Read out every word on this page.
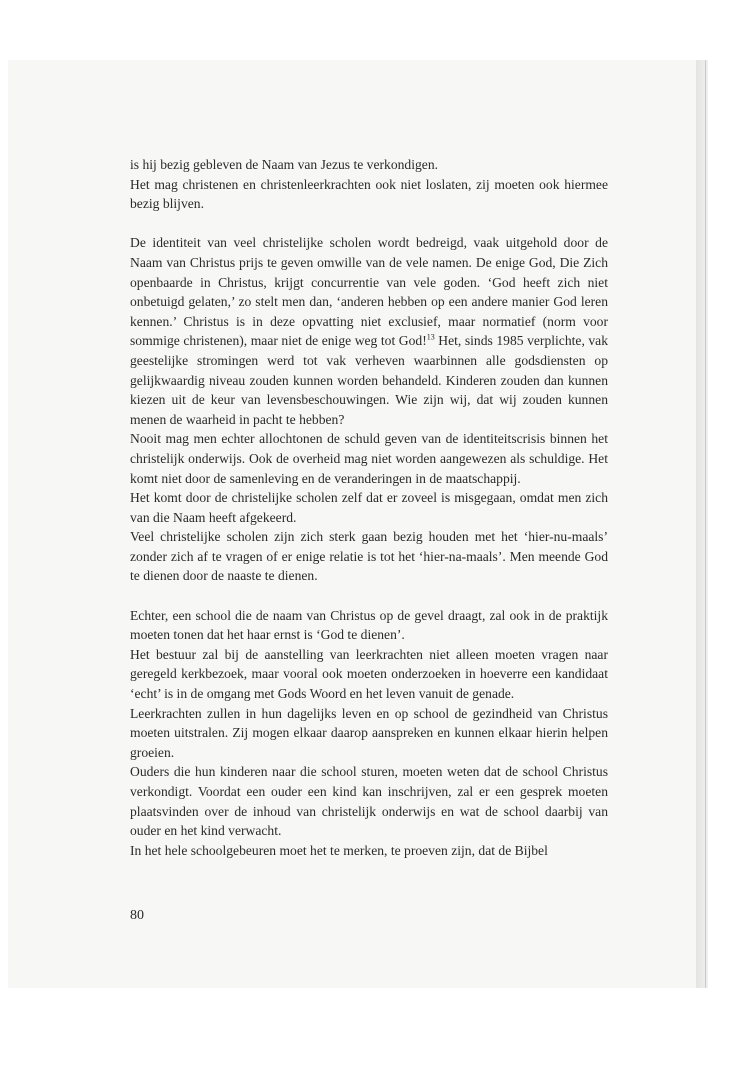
is hij bezig gebleven de Naam van Jezus te verkondigen.

Het mag christenen en christenleerkrachten ook niet loslaten, zij moeten ook hiermee bezig blijven.

De identiteit van veel christelijke scholen wordt bedreigd, vaak uitgehold door de Naam van Christus prijs te geven omwille van de vele namen. De enige God, Die Zich openbaarde in Christus, krijgt concurrentie van vele goden. ‘God heeft zich niet onbetuigd gelaten,’ zo stelt men dan, ‘anderen hebben op een andere manier God leren kennen.’ Christus is in deze opvatting niet exclusief, maar normatief (norm voor sommige christenen), maar niet de enige weg tot God!$^{13}$ Het, sinds 1985 verplichte, vak geestelijke stromingen werd tot vak verheven waarbinnen alle godsdiensten op gelijkwaardig niveau zouden kunnen worden behandeld. Kinderen zouden dan kunnen kiezen uit de keur van levensbeschouwingen. Wie zijn wij, dat wij zouden kunnen menen de waarheid in pacht te hebben?

Nooit mag men echter allochtonen de schuld geven van de identiteitscrisis binnen het christelijk onderwijs. Ook de overheid mag niet worden aangewezen als schuldige. Het komt niet door de samenleving en de veranderingen in de maatschappij.

Het komt door de christelijke scholen zelf dat er zoveel is misgegaan, omdat men zich van die Naam heeft afgekeerd.

Veel christelijke scholen zijn zich sterk gaan bezig houden met het ‘hier-nu-maals’ zonder zich af te vragen of er enige relatie is tot het ‘hier-na-maals’. Men meende God te dienen door de naaste te dienen.

Echter, een school die de naam van Christus op de gevel draagt, zal ook in de praktijk moeten tonen dat het haar ernst is ‘God te dienen’.

Het bestuur zal bij de aanstelling van leerkrachten niet alleen moeten vragen naar geregeld kerkbezoek, maar vooral ook moeten onderzoeken in hoeverre een kandidaat ‘echt’ is in de omgang met Gods Woord en het leven vanuit de genade.

Leerkrachten zullen in hun dagelijks leven en op school de gezindheid van Christus moeten uitstralen. Zij mogen elkaar daarop aanspreken en kunnen elkaar hierin helpen groeien.

Ouders die hun kinderen naar die school sturen, moeten weten dat de school Christus verkondigt. Voordat een ouder een kind kan inschrijven, zal er een gesprek moeten plaatsvinden over de inhoud van christelijk onderwijs en wat de school daarbij van ouder en het kind verwacht.

In het hele schoolgebeuren moet het te merken, te proeven zijn, dat de Bijbel

80
